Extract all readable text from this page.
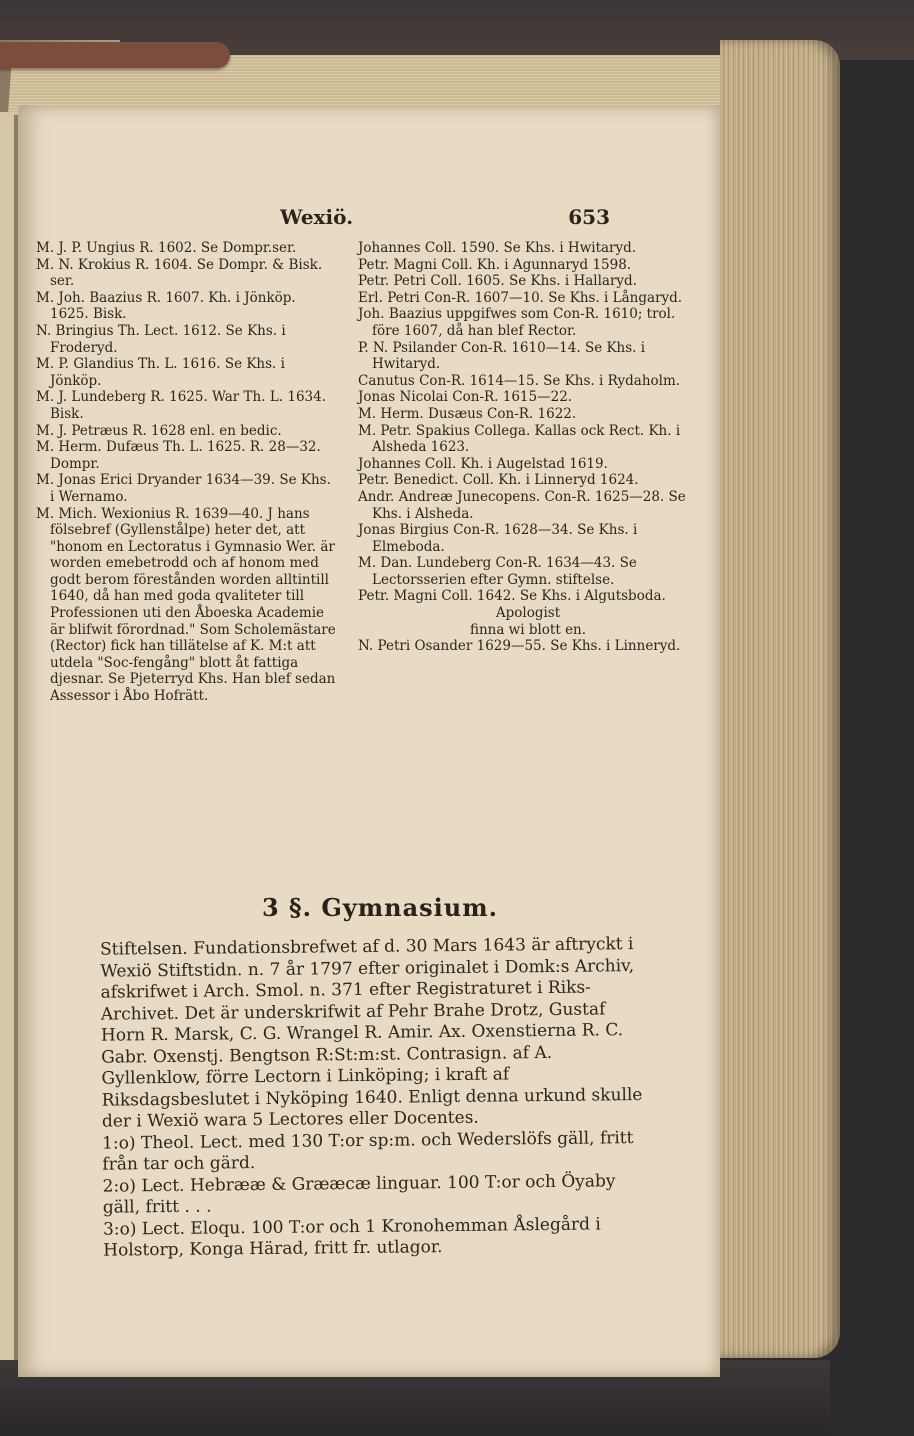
Wexiö.	653
M. J. P. Ungius R. 1602. Se Dompr.ser.
M. N. Krokius R. 1604. Se Dompr. & Bisk. ser.
M. Joh. Baazius R. 1607. Kh. i Jönköp. 1625. Bisk.
N. Bringius Th. Lect. 1612. Se Khs. i Froderyd.
M. P. Glandius Th. L. 1616. Se Khs. i Jönköp.
M. J. Lundeberg R. 1625. War Th. L. 1634. Bisk.
M. J. Petræus R. 1628 enl. en bedic.
M. Herm. Dufæus Th. L. 1625. R. 28—32. Dompr.
M. Jonas Erici Dryander 1634—39. Se Khs. i Wernamo.
M. Mich. Wexionius R. 1639—40. J hans fölsebref (Gyllenstålpe) heter det, att "honom en Lectoratus i Gymnasio Wer. är worden emebetrodd och af honom med godt berom förestånden worden alltintill 1640, då han med goda qvaliteter till Professionen uti den Åboeska Academie är blifwit förordnad." Som Scholemästare (Rector) fick han tillätelse af K. M:t att utdela "Soc-fengång" blott åt fattiga djesnar. Se Pjeterryd Khs. Han blef sedan Assessor i Åbo Hofrätt.
Johannes Coll. 1590. Se Khs. i Hwitaryd.
Petr. Magni Coll. Kh. i Agunnaryd 1598.
Petr. Petri Coll. 1605. Se Khs. i Hallaryd.
Erl. Petri Con-R. 1607—10. Se Khs. i Långaryd.
Joh. Baazius uppgifwes som Con-R. 1610; trol. före 1607, då han blef Rector.
P. N. Psilander Con-R. 1610—14. Se Khs. i Hwitaryd.
Canutus Con-R. 1614—15. Se Khs. i Rydaholm.
Jonas Nicolai Con-R. 1615—22.
M. Herm. Dusæus Con-R. 1622.
M. Petr. Spakius Collega. Kallas ock Rect. Kh. i Alsheda 1623.
Johannes Coll. Kh. i Augelstad 1619.
Petr. Benedict. Coll. Kh. i Linneryd 1624.
Andr. Andreæ Junecopens. Con-R. 1625—28. Se Khs. i Alsheda.
Jonas Birgius Con-R. 1628—34. Se Khs. i Elmeboda.
M. Dan. Lundeberg Con-R. 1634—43. Se Lectorsserien efter Gymn. stiftelse.
Petr. Magni Coll. 1642. Se Khs. i Algutsboda.
Apologist
finna wi blott en.
N. Petri Osander 1629—55. Se Khs. i Linneryd.
3 §. Gymnasium.

Stiftelsen. Fundationsbrefwet af d. 30 Mars 1643 är aftryckt i Wexiö Stiftstidn. n. 7 år 1797 efter originalet i Domk:s Archiv, afskrifwet i Arch. Smol. n. 371 efter Registraturet i Riks-Archivet. Det är underskrifwit af Pehr Brahe Drotz, Gustaf Horn R. Marsk, C. G. Wrangel R. Amir. Ax. Oxenstierna R. C. Gabr. Oxenstj. Bengtson R:St:m:st. Contrasign. af A. Gyllenklow, förre Lectorn i Linköping; i kraft af Riksdagsbeslutet i Nyköping 1640. Enligt denna urkund skulle der i Wexiö wara 5 Lectores eller Docentes.

1:o) Theol. Lect. med 130 T:or sp:m. och Wederslöfs gäll, fritt från tar och gärd.

2:o) Lect. Hebrææ & Grææcæ linguar. 100 T:or och Öyaby gäll, fritt . . .

3:o) Lect. Eloqu. 100 T:or och 1 Kronohemman Åslegård i Holstorp, Konga Härad, fritt fr. utlagor.
